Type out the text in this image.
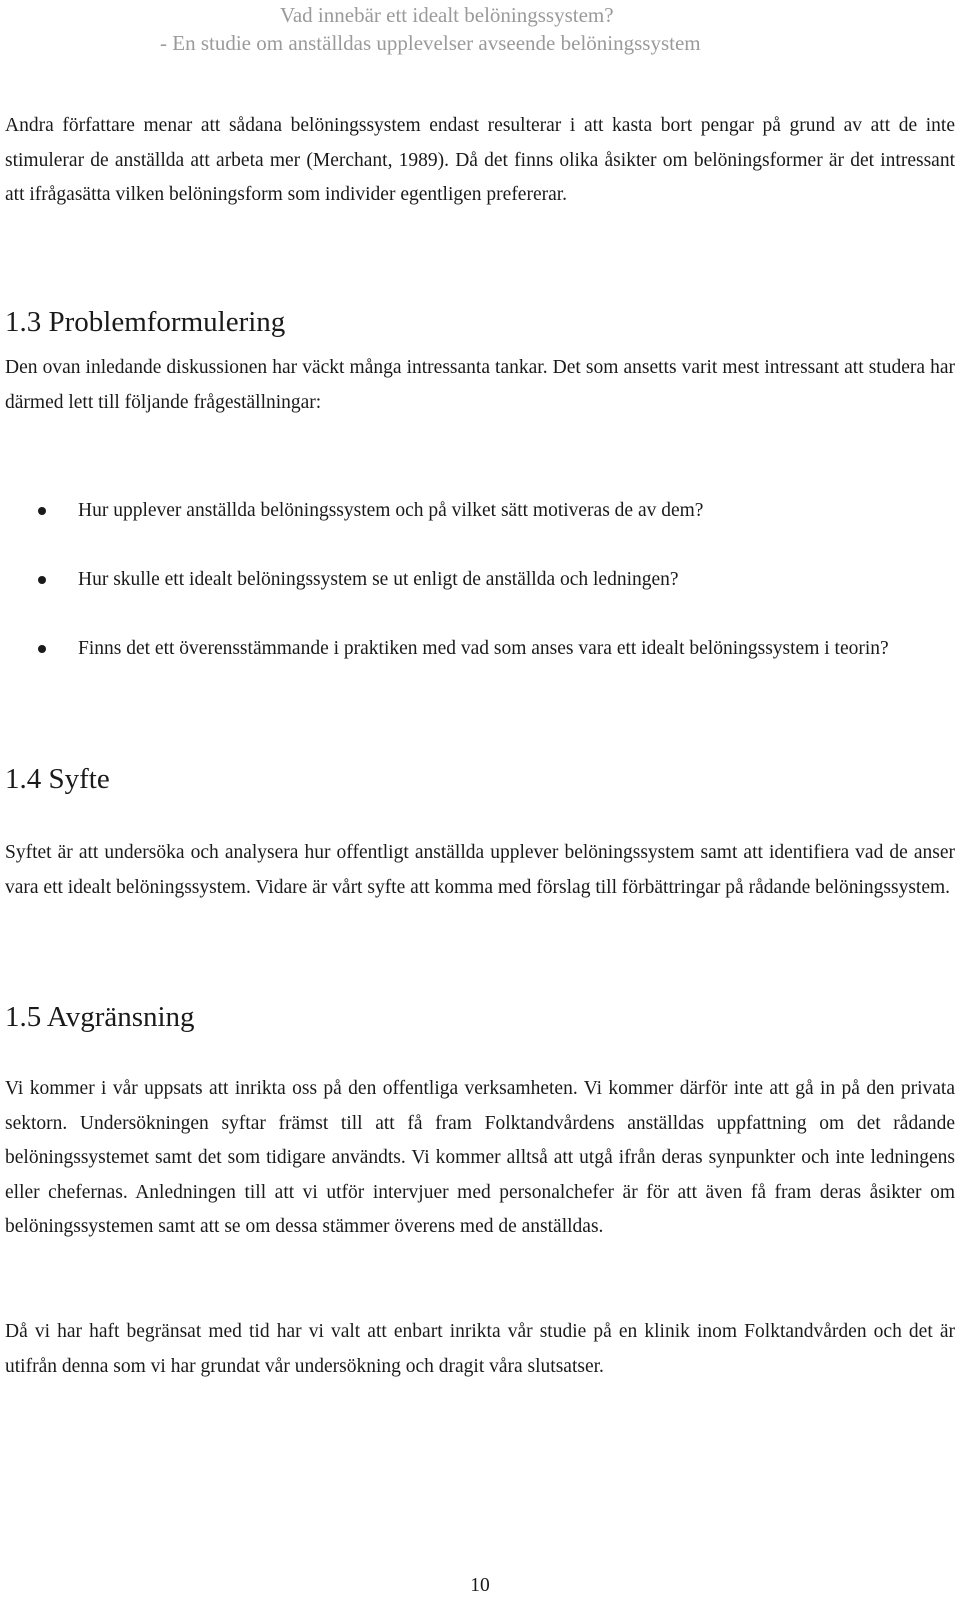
Vad innebär ett idealt belöningssystem?
- En studie om anställdas upplevelser avseende belöningssystem

Andra författare menar att sådana belöningssystem endast resulterar i att kasta bort pengar på grund av att de inte stimulerar de anställda att arbeta mer (Merchant, 1989). Då det finns olika åsikter om belöningsformer är det intressant att ifrågasätta vilken belöningsform som individer egentligen prefererar.

1.3 Problemformulering

Den ovan inledande diskussionen har väckt många intressanta tankar. Det som ansetts varit mest intressant att studera har därmed lett till följande frågeställningar:

Hur upplever anställda belöningssystem och på vilket sätt motiveras de av dem?

Hur skulle ett idealt belöningssystem se ut enligt de anställda och ledningen?

Finns det ett överensstämmande i praktiken med vad som anses vara ett idealt belöningssystem i teorin?

1.4 Syfte

Syftet är att undersöka och analysera hur offentligt anställda upplever belöningssystem samt att identifiera vad de anser vara ett idealt belöningssystem. Vidare är vårt syfte att komma med förslag till förbättringar på rådande belöningssystem.

1.5 Avgränsning

Vi kommer i vår uppsats att inrikta oss på den offentliga verksamheten. Vi kommer därför inte att gå in på den privata sektorn. Undersökningen syftar främst till att få fram Folktandvårdens anställdas uppfattning om det rådande belöningssystemet samt det som tidigare användts. Vi kommer alltså att utgå ifrån deras synpunkter och inte ledningens eller chefernas. Anledningen till att vi utför intervjuer med personalchefer är för att även få fram deras åsikter om belöningssystemen samt att se om dessa stämmer överens med de anställdas.

Då vi har haft begränsat med tid har vi valt att enbart inrikta vår studie på en klinik inom Folktandvården och det är utifrån denna som vi har grundat vår undersökning och dragit våra slutsatser.

10
